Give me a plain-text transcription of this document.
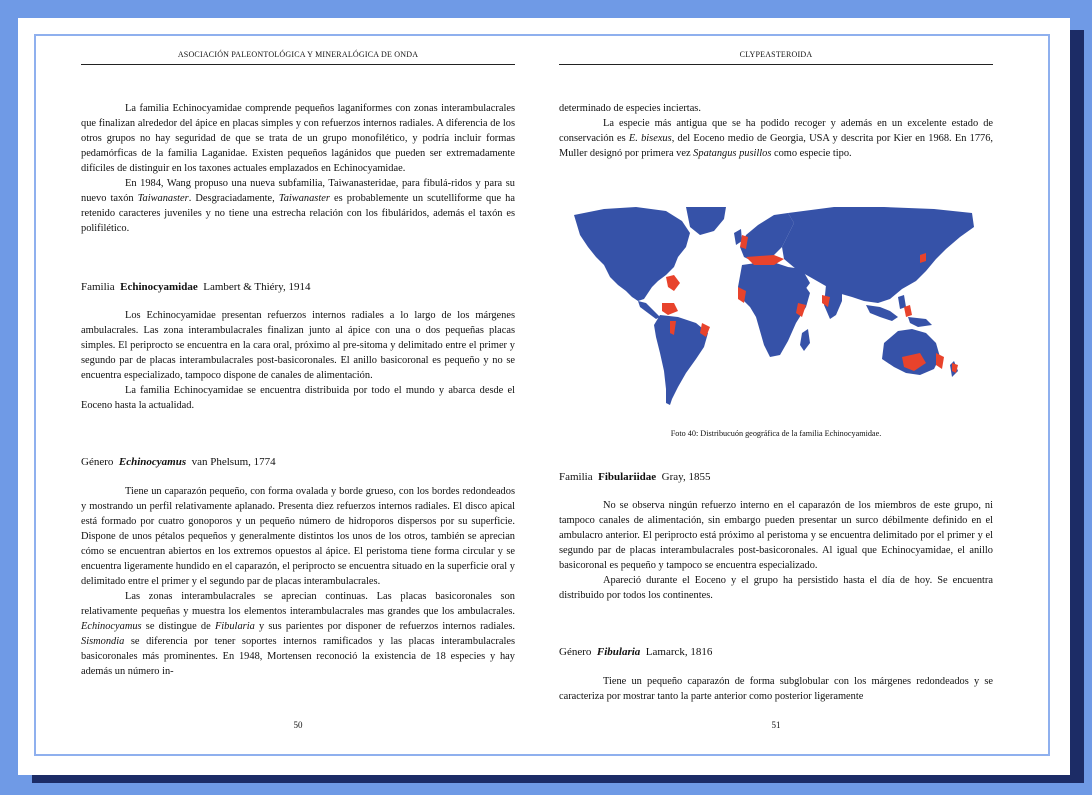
ASOCIACIÓN PALEONTOLÓGICA Y MINERALÓGICA DE ONDA

La familia Echinocyamidae comprende pequeños laganiformes con zonas interambulacrales que finalizan alrededor del ápice en placas simples y con refuerzos internos radiales. A diferencia de los otros grupos no hay seguridad de que se trata de un grupo monofilético, y podría incluir formas pedamórficas de la familia Laganidae. Existen pequeños lagánidos que pueden ser extremadamente difíciles de distinguir en los taxones actuales emplazados en Echinocyamidae.

En 1984, Wang propuso una nueva subfamilia, Taiwanasteridae, para fibulá-ridos y para su nuevo taxón Taiwanaster. Desgraciadamente, Taiwanaster es probablemente un scutelliforme que ha retenido caracteres juveniles y no tiene una estrecha relación con los fibuláridos, además el taxón es polifilético.

Familia Echinocyamidae Lambert & Thiéry, 1914

Los Echinocyamidae presentan refuerzos internos radiales a lo largo de los márgenes ambulacrales. Las zona interambulacrales finalizan junto al ápice con una o dos pequeñas placas simples. El periprocto se encuentra en la cara oral, próximo al pre-sitoma y delimitado entre el primer y segundo par de placas interambulacrales post-basicoronales. El anillo basicoronal es pequeño y no se encuentra especializado, tampoco dispone de canales de alimentación.

La familia Echinocyamidae se encuentra distribuida por todo el mundo y abarca desde el Eoceno hasta la actualidad.

Género Echinocyamus van Phelsum, 1774

Tiene un caparazón pequeño, con forma ovalada y borde grueso, con los bordes redondeados y mostrando un perfil relativamente aplanado. Presenta diez refuerzos internos radiales. El disco apical está formado por cuatro gonoporos y un pequeño número de hidroporos dispersos por su superficie. Dispone de unos pétalos pequeños y generalmente distintos los unos de los otros, también se aprecian cómo se encuentran abiertos en los extremos opuestos al ápice. El peristoma tiene forma circular y se encuentra ligeramente hundido en el caparazón, el periprocto se encuentra situado en la superficie oral y delimitado entre el primer y el segundo par de placas interambulacrales.

Las zonas interambulacrales se aprecian continuas. Las placas basicoronales son relativamente pequeñas y muestra los elementos interambulacrales mas grandes que los ambulacrales. Echinocyamus se distingue de Fibularia y sus parientes por disponer de refuerzos internos radiales. Sismondia se diferencia por tener soportes internos ramificados y las placas interambulacrales basicoronales más prominentes. En 1948, Mortensen reconoció la existencia de 18 especies y hay además un número in-

50
CLYPEASTEROIDA

determinado de especies inciertas.

La especie más antigua que se ha podido recoger y además en un excelente estado de conservación es E. bisexus, del Eoceno medio de Georgia, USA y descrita por Kier en 1968. En 1776, Muller designó por primera vez Spatangus pusillos como especie tipo.

Foto 40: Distribucuón geográfica de la familia Echinocyamidae.
Familia Fibulariidae Gray, 1855

No se observa ningún refuerzo interno en el caparazón de los miembros de este grupo, ni tampoco canales de alimentación, sin embargo pueden presentar un surco débilmente definido en el ambulacro anterior. El periprocto está próximo al peristoma y se encuentra delimitado por el primer y el segundo par de placas interambulacrales post-basicoronales. Al igual que Echinocyamidae, el anillo basicoronal es pequeño y tampoco se encuentra especializado.

Apareció durante el Eoceno y el grupo ha persistido hasta el día de hoy. Se encuentra distribuido por todos los continentes.

Género Fibularia Lamarck, 1816

Tiene un pequeño caparazón de forma subglobular con los márgenes redondeados y se caracteriza por mostrar tanto la parte anterior como posterior ligeramente

51
